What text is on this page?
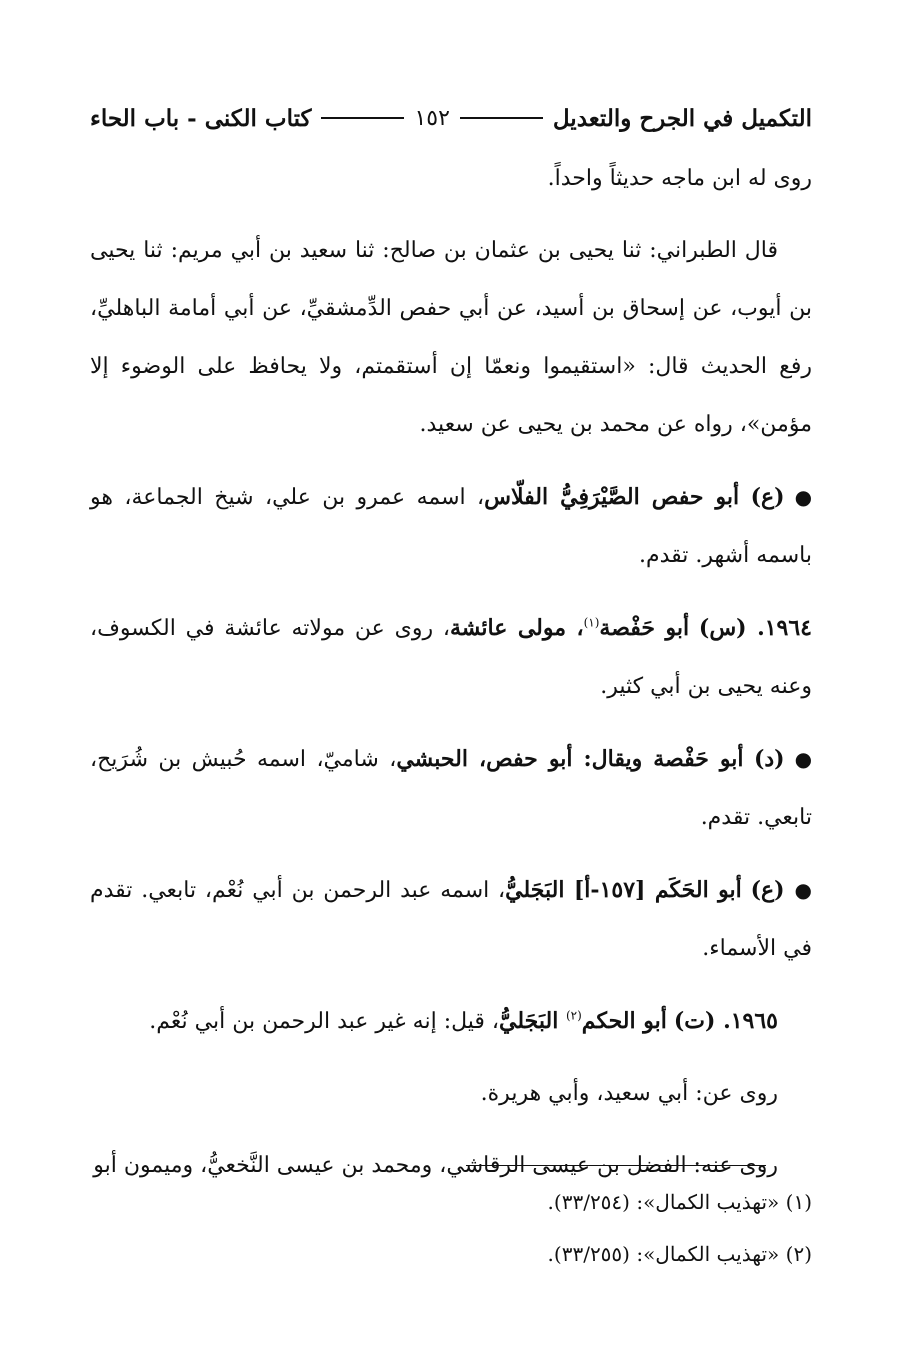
التكميل في الجرح والتعديل
١٥٢
كتاب الكنى - باب الحاء

روى له ابن ماجه حديثاً واحداً.

قال الطبراني: ثنا يحيى بن عثمان بن صالح: ثنا سعيد بن أبي مريم: ثنا يحيى بن أيوب، عن إسحاق بن أسيد، عن أبي حفص الدِّمشقيِّ، عن أبي أمامة الباهليِّ، رفع الحديث قال: «استقيموا ونعمّا إن أستقمتم، ولا يحافظ على الوضوء إلا مؤمن»، رواه عن محمد بن يحيى عن سعيد.

●(ع) أبو حفص الصَّيْرَفِيُّ الفلّاس، اسمه عمرو بن علي، شيخ الجماعة، هو باسمه أشهر. تقدم.

١٩٦٤. (س) أبو حَفْصة$^{(١)}$، مولى عائشة، روى عن مولاته عائشة في الكسوف، وعنه يحيى بن أبي كثير.

●(د) أبو حَفْصة ويقال: أبو حفص، الحبشي، شاميّ، اسمه حُبيش بن شُرَيح، تابعي. تقدم.

●(ع) أبو الحَكَم [١٥٧-أ] البَجَليُّ، اسمه عبد الرحمن بن أبي نُعْم، تابعي. تقدم في الأسماء.

١٩٦٥. (ت) أبو الحكم$^{(٢)}$ البَجَليُّ، قيل: إنه غير عبد الرحمن بن أبي نُعْم.

روى عن: أبي سعيد، وأبي هريرة.

روى عنه: الفضل بن عيسى الرقاشي، ومحمد بن عيسى النَّخعيُّ، وميمون أبو

(١) «تهذيب الكمال»: (٣٣/٢٥٤).

(٢) «تهذيب الكمال»: (٣٣/٢٥٥).
